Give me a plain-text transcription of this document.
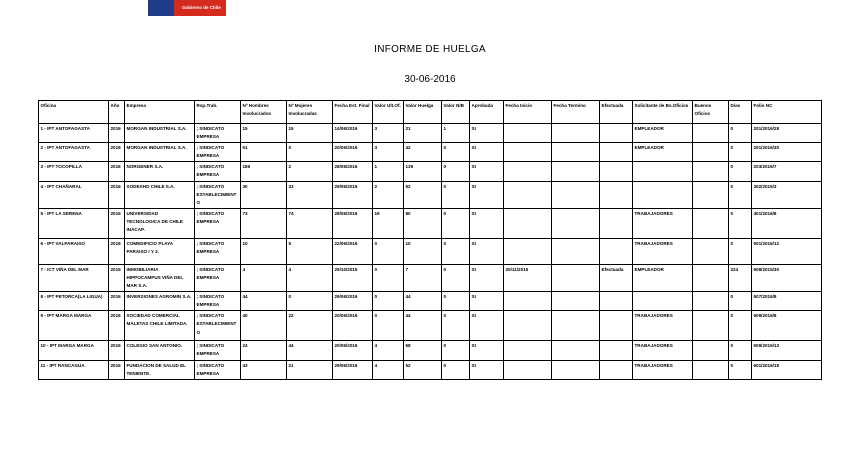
Gobierno de Chile
INFORME DE HUELGA
30-06-2016
Oficina	Año	Empresa	Rsp.Trab.	Nº Hombres Involucrados	Nº Mujeres Involucradas	Fecha Est. Final	Valor Ult.Of.	Valor Huelga	Valor N/B	Aprobada	Fecha Inicio	Fecha Termino	Efectuada	Solicitante de Bs.Oficios	Buenos Oficios	Días	Folio NC
1 - IPT ANTOFAGASTA	2016	MORGAN INDUSTRIAL S.A.	; SINDICATO EMPRESA	15	15	14/06/2016	3	21	1	SI				EMPLEADOR		0	201/2016/28
2 - IPT ANTOFAGASTA	2016	MORGAN INDUSTRIAL S.A.	; SINDICATO EMPRESA	51	0	20/06/2016	3	42	0	SI				EMPLEADOR		0	201/2016/30
3 - IPT TOCOPILLA	2016	NORGENER S.A.	; SINDICATO EMPRESA	186	2	28/06/2016	1	139	0	SI						0	203/2016/7
4 - IPT CHAÑARAL	2016	SODEXHO CHILE S.A.	; SINDICATO ESTABLECIMIENTO	30	33	29/06/2016	2	52	0	SI						0	302/2016/3
5 - IPT LA SERENA	2016	UNIVERSIDAD TECNOLOGICA DE CHILE INACAP.	; SINDICATO EMPRESA	73	74	28/06/2016	19	80	0	SI				TRABAJADORES		0	401/2016/8
6 - IPT VALPARAISO	2016	COMEDIFICIO PLAYA PARAISO I Y 2.	; SINDICATO EMPRESA	10	5	22/06/2016	0	10	0	SI				TRABAJADORES		0	501/2016/12
7 - ICT VIÑA DEL MAR	2015	INMOBILIARIA HIPPOCAMPUS VIÑA DEL MAR S.A.	; SINDICATO EMPRESA	4	4	29/10/2015	0	7	0	SI	20/11/2015		Efectuada	EMPLEADOR		224	508/2015/30
8 - IPT PETORCA(LA LIGUA)	2016	INVERSIONES AGROMIN S.A.	; SINDICATO EMPRESA	44	0	29/06/2016	0	44	0	SI						0	507/2016/8
9 - IPT MARGA MARGA	2016	SOCIEDAD COMERCIAL MALETAS CHILE LIMITADA.	; SINDICATO ESTABLECIMIENTO	40	22	20/06/2016	0	44	0	SI				TRABAJADORES		0	509/2016/8
10 - IPT MARGA MARGA	2016	COLEGIO SAN ANTONIO.	; SINDICATO EMPRESA	24	44	20/06/2016	4	58	0	SI				TRABAJADORES		0	509/2016/13
11 - IPT RANCAGUA	2016	FUNDACION DE SALUD EL TENIENTE.	; SINDICATO EMPRESA	43	21	29/06/2016	4	52	0	SI				TRABAJADORES		0	601/2016/18
